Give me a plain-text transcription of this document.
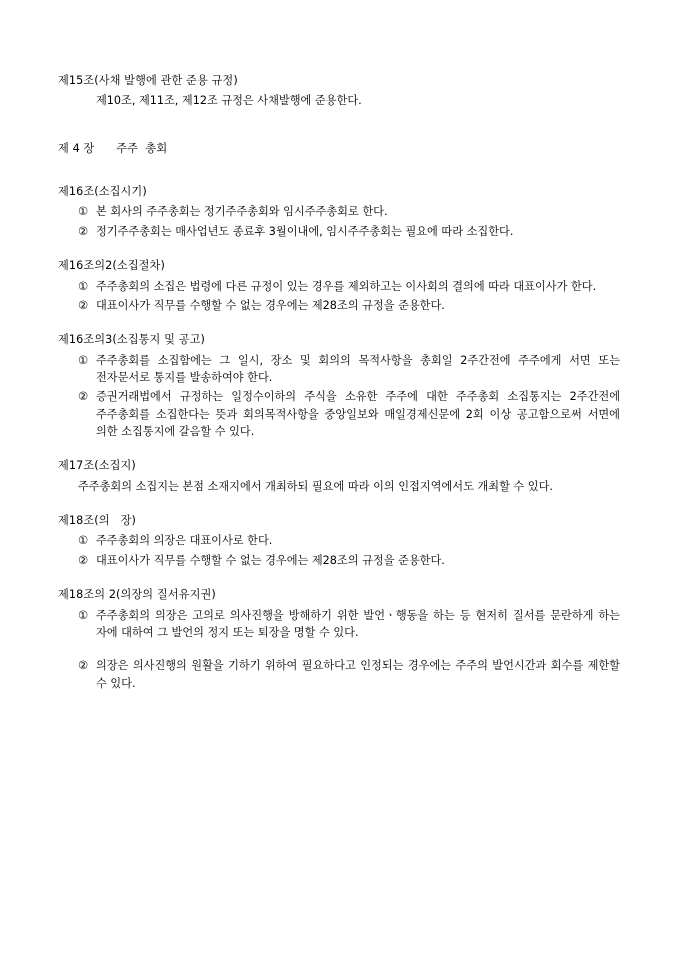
제15조(사채 발행에 관한 준용 규정)
제10조, 제11조, 제12조 규정은 사채발행에 준용한다.
제 4 장      주주  총회
제16조(소집시기)
① 본 회사의 주주총회는 정기주주총회와 임시주주총회로 한다.
② 정기주주총회는 매사업년도 종료후 3월이내에, 임시주주총회는 필요에 따라 소집한다.
제16조의2(소집절차)
① 주주총회의 소집은 법령에 다른 규정이 있는 경우를 제외하고는 이사회의 결의에 따라 대표이사가 한다.
② 대표이사가 직무를 수행할 수 없는 경우에는 제28조의 규정을 준용한다.
제16조의3(소집통지 및 공고)
① 주주총회를 소집함에는 그 일시, 장소 및 회의의 목적사항을 총회일 2주간전에 주주에게 서면 또는 전자문서로 통지를 발송하여야 한다.
② 증권거래법에서 규정하는 일정수이하의 주식을 소유한 주주에 대한 주주총회 소집통지는 2주간전에 주주총회를 소집한다는 뜻과 회의목적사항을 중앙일보와 매일경제신문에 2회 이상 공고함으로써 서면에 의한 소집통지에 갈음할 수 있다.
제17조(소집지)
주주총회의 소집지는 본점 소재지에서 개최하되 필요에 따라 이의 인접지역에서도 개최할 수 있다.
제18조(의   장)
① 주주총회의 의장은 대표이사로 한다.
② 대표이사가 직무를 수행할 수 없는 경우에는 제28조의 규정을 준용한다.
제18조의 2(의장의 질서유지권)
① 주주총회의 의장은 고의로 의사진행을 방해하기 위한 발언ㆍ행동을 하는 등 현저히 질서를 문란하게 하는 자에 대하여 그 발언의 정지 또는 퇴장을 명할 수 있다.
② 의장은 의사진행의 원활을 기하기 위하여 필요하다고 인정되는 경우에는 주주의 발언시간과 회수를 제한할 수 있다.
